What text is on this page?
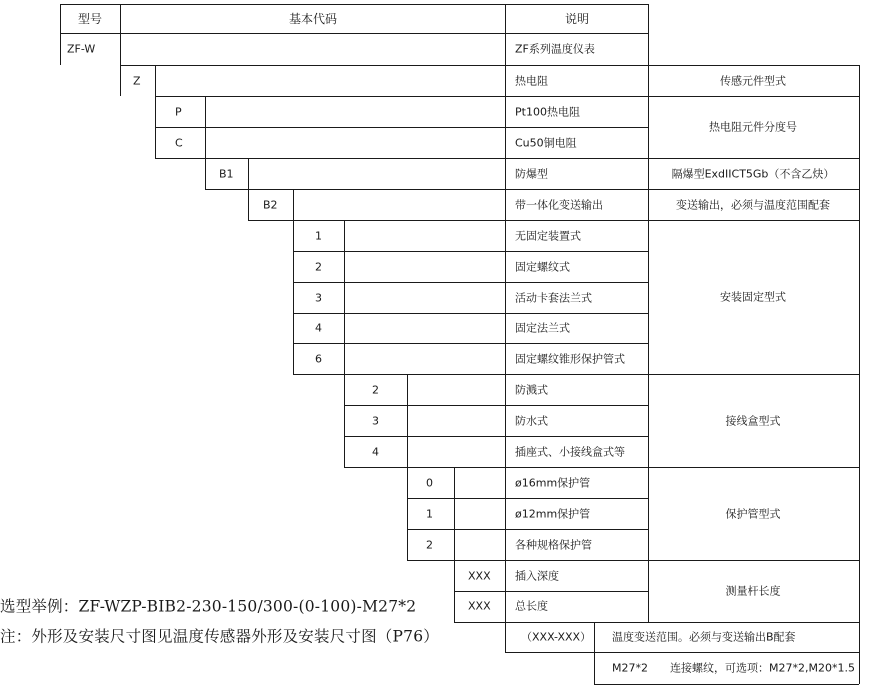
型号	基本代码	说明
ZF-W	ZF系列温度仪表
Z	热电阻	传感元件型式
P	Pt100热电阻
C	Cu50铜电阻
热电阻元件分度号
B1	防爆型	隔爆型ExdIICT5Gb（不含乙炔）
B2	带一体化变送输出	变送输出，必须与温度范围配套
1	无固定装置式
2	固定螺纹式
3	活动卡套法兰式
4	固定法兰式
6	固定螺纹锥形保护管式
安装固定型式
2	防溅式
3	防水式
4	插座式、小接线盒式等
接线盒型式
0	ø16mm保护管
1	ø12mm保护管
2	各种规格保护管
保护管型式
XXX 插入深度
XXX 总长度
测量杆长度
（XXX-XXX） 温度变送范围。必须与变送输出B配套
M27*2 连接螺纹，可选项：M27*2,M20*1.5
选型举例：ZF-WZP-BIB2-230-150/300-(0-100)-M27*2
注：外形及安装尺寸图见温度传感器外形及安装尺寸图（P76）
